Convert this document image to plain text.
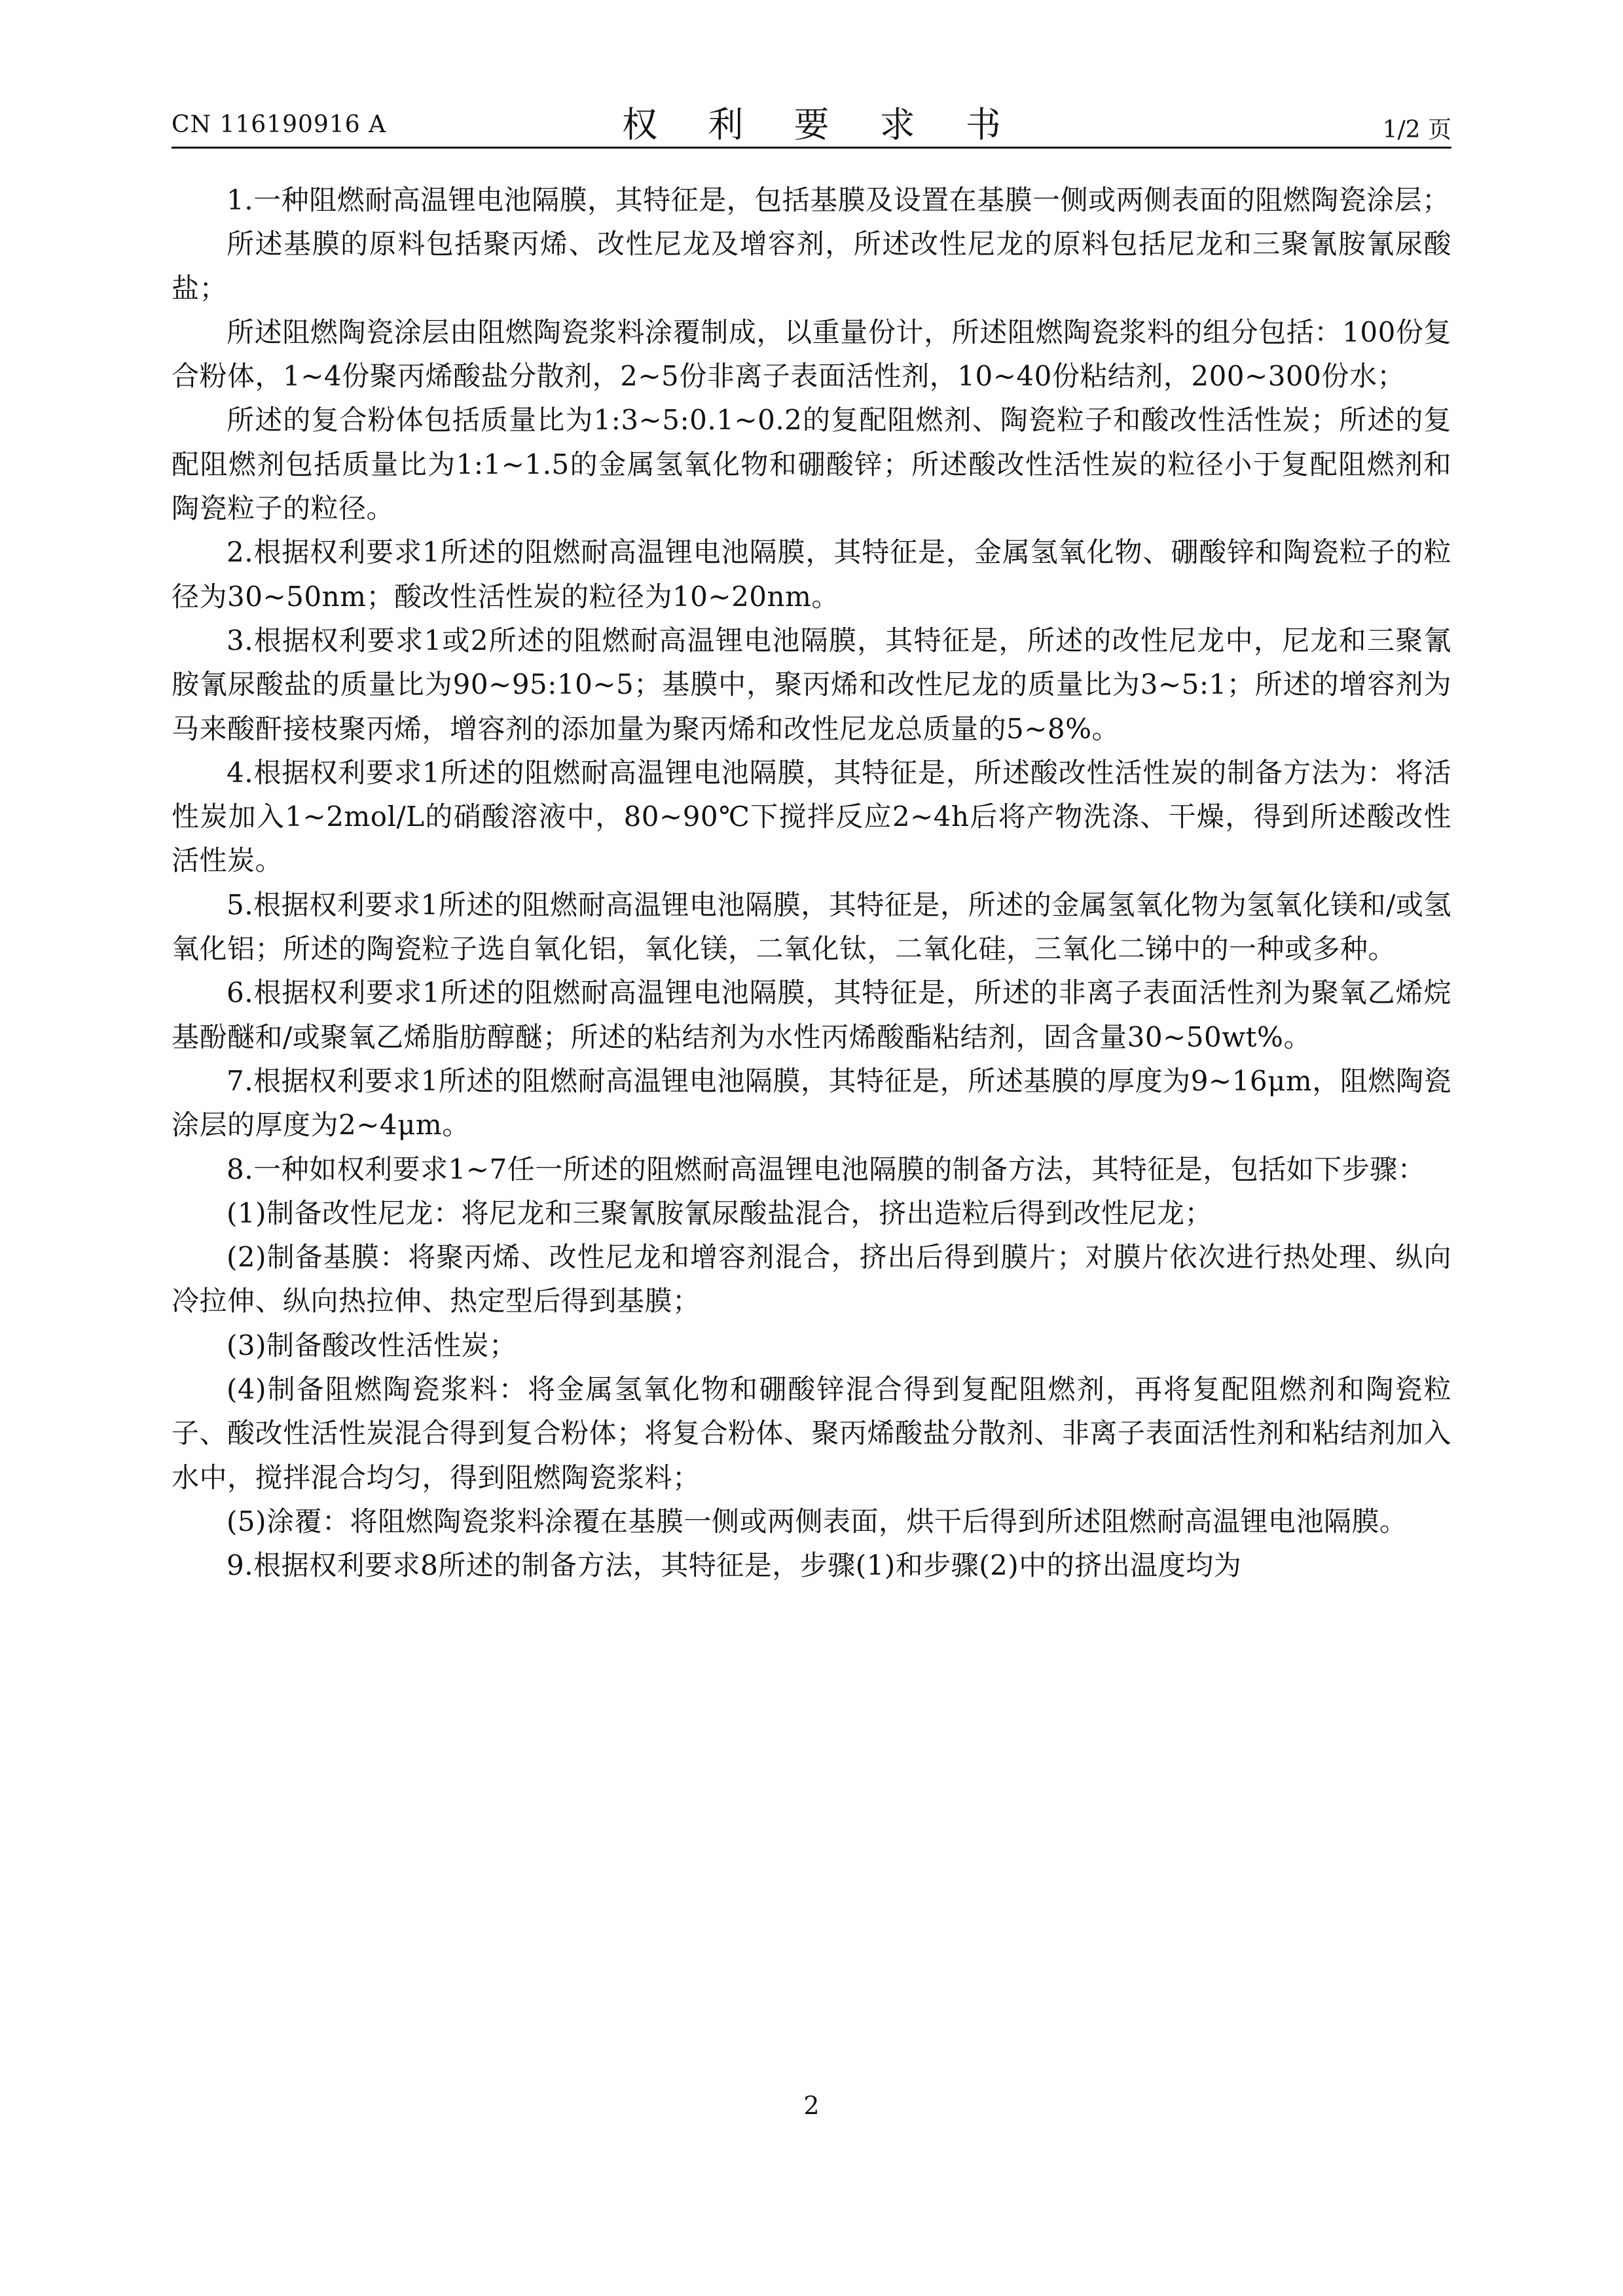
CN 116190916 A	权 利 要 求 书	1/2 页

1.一种阻燃耐高温锂电池隔膜，其特征是，包括基膜及设置在基膜一侧或两侧表面的阻燃陶瓷涂层；

所述基膜的原料包括聚丙烯、改性尼龙及增容剂，所述改性尼龙的原料包括尼龙和三聚氰胺氰尿酸盐；

所述阻燃陶瓷涂层由阻燃陶瓷浆料涂覆制成，以重量份计，所述阻燃陶瓷浆料的组分包括：100份复合粉体，1~4份聚丙烯酸盐分散剂，2~5份非离子表面活性剂，10~40份粘结剂，200~300份水；

所述的复合粉体包括质量比为1:3~5:0.1~0.2的复配阻燃剂、陶瓷粒子和酸改性活性炭；所述的复配阻燃剂包括质量比为1:1~1.5的金属氢氧化物和硼酸锌；所述酸改性活性炭的粒径小于复配阻燃剂和陶瓷粒子的粒径。

2.根据权利要求1所述的阻燃耐高温锂电池隔膜，其特征是，金属氢氧化物、硼酸锌和陶瓷粒子的粒径为30~50nm；酸改性活性炭的粒径为10~20nm。

3.根据权利要求1或2所述的阻燃耐高温锂电池隔膜，其特征是，所述的改性尼龙中，尼龙和三聚氰胺氰尿酸盐的质量比为90~95:10~5；基膜中，聚丙烯和改性尼龙的质量比为3~5:1；所述的增容剂为马来酸酐接枝聚丙烯，增容剂的添加量为聚丙烯和改性尼龙总质量的5~8%。

4.根据权利要求1所述的阻燃耐高温锂电池隔膜，其特征是，所述酸改性活性炭的制备方法为：将活性炭加入1~2mol/L的硝酸溶液中，80~90℃下搅拌反应2~4h后将产物洗涤、干燥，得到所述酸改性活性炭。

5.根据权利要求1所述的阻燃耐高温锂电池隔膜，其特征是，所述的金属氢氧化物为氢氧化镁和/或氢氧化铝；所述的陶瓷粒子选自氧化铝，氧化镁，二氧化钛，二氧化硅，三氧化二锑中的一种或多种。

6.根据权利要求1所述的阻燃耐高温锂电池隔膜，其特征是，所述的非离子表面活性剂为聚氧乙烯烷基酚醚和/或聚氧乙烯脂肪醇醚；所述的粘结剂为水性丙烯酸酯粘结剂，固含量30~50wt%。

7.根据权利要求1所述的阻燃耐高温锂电池隔膜，其特征是，所述基膜的厚度为9~16μm，阻燃陶瓷涂层的厚度为2~4μm。

8.一种如权利要求1~7任一所述的阻燃耐高温锂电池隔膜的制备方法，其特征是，包括如下步骤：

(1)制备改性尼龙：将尼龙和三聚氰胺氰尿酸盐混合，挤出造粒后得到改性尼龙；

(2)制备基膜：将聚丙烯、改性尼龙和增容剂混合，挤出后得到膜片；对膜片依次进行热处理、纵向冷拉伸、纵向热拉伸、热定型后得到基膜；

(3)制备酸改性活性炭；

(4)制备阻燃陶瓷浆料：将金属氢氧化物和硼酸锌混合得到复配阻燃剂，再将复配阻燃剂和陶瓷粒子、酸改性活性炭混合得到复合粉体；将复合粉体、聚丙烯酸盐分散剂、非离子表面活性剂和粘结剂加入水中，搅拌混合均匀，得到阻燃陶瓷浆料；

(5)涂覆：将阻燃陶瓷浆料涂覆在基膜一侧或两侧表面，烘干后得到所述阻燃耐高温锂电池隔膜。

9.根据权利要求8所述的制备方法，其特征是，步骤(1)和步骤(2)中的挤出温度均为

2
